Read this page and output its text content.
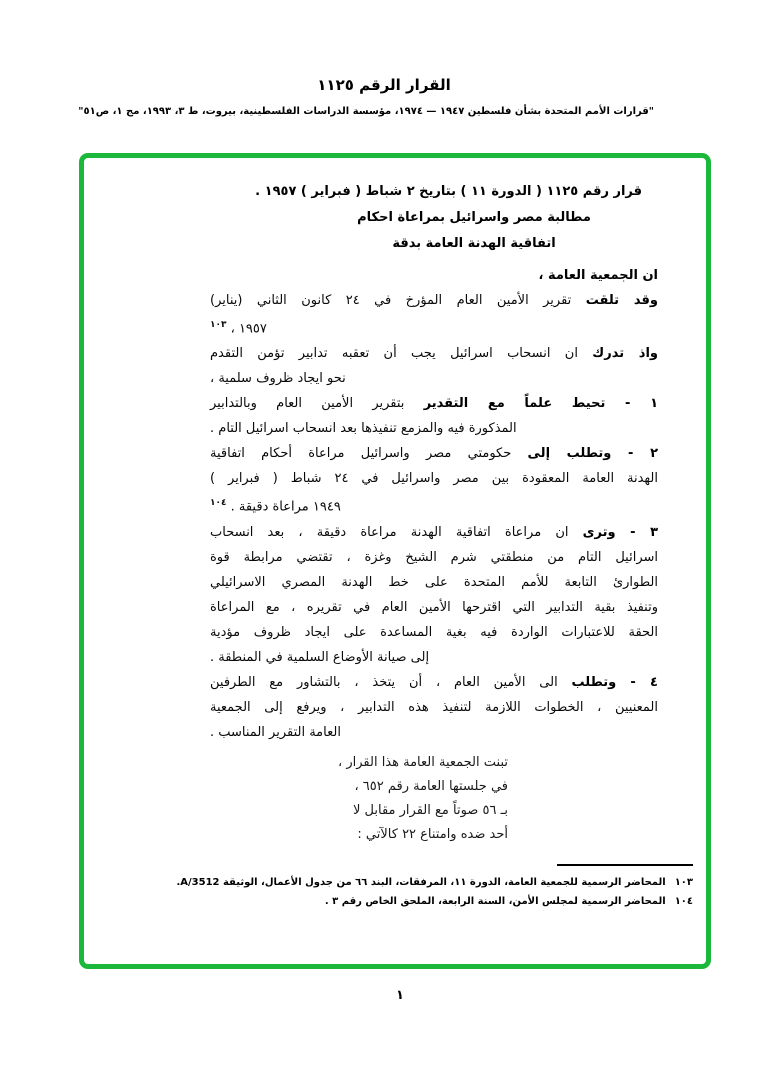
القرار الرقم ١١٢٥
"قرارات الأمم المتحدة بشأن فلسطين ١٩٤٧ — ١٩٧٤، مؤسسة الدراسات الفلسطينية، بيروت، ط ٣، ١٩٩٣، مج ١، ص٥١"
قرار رقم ١١٢٥ ( الدورة ١١ ) بتاريخ ٢ شباط ( فبراير ) ١٩٥٧ .
مطالبة مصر واسرائيل بمراعاة احكام
اتفاقية الهدنة العامة بدقة
ان الجمعية العامة ،
وقد تلقت تقرير الأمين العام المؤرخ في ٢٤ كانون الثاني (يناير)
١٩٥٧ ، $^{١٠٣}$
واذ تدرك ان انسحاب اسرائيل يجب أن تعقبه تدابير تؤمن التقدم
نحو ايجاد ظروف سلمية ،
١ - تحيط علماً مع التقدير بتقرير الأمين العام وبالتدابير
المذكورة فيه والمزمع تنفيذها بعد انسحاب اسرائيل التام .
٢ - وتطلب إلى حكومتي مصر واسرائيل مراعاة أحكام اتفاقية
الهدنة العامة المعقودة بين مصر واسرائيل في ٢٤ شباط ( فبراير )
١٩٤٩ مراعاة دقيقة . $^{١٠٤}$
٣ - وترى ان مراعاة اتفاقية الهدنة مراعاة دقيقة ، بعد انسحاب
اسرائيل التام من منطقتي شرم الشيخ وغزة ، تقتضي مرابطة قوة
الطوارئ التابعة للأمم المتحدة على خط الهدنة المصري الاسرائيلي
وتنفيذ بقية التدابير التي اقترحها الأمين العام في تقريره ، مع المراعاة
الحقة للاعتبارات الواردة فيه بغية المساعدة على ايجاد ظروف مؤدية
إلى صيانة الأوضاع السلمية في المنطقة .
٤ - وتطلب الى الأمين العام ، أن يتخذ ، بالتشاور مع الطرفين
المعنيين ، الخطوات اللازمة لتنفيذ هذه التدابير ، ويرفع إلى الجمعية
العامة التقرير المناسب .
تبنت الجمعية العامة هذا القرار ،
في جلستها العامة رقم ٦٥٢ ،
بـ ٥٦ صوتاً مع القرار مقابل لا
أحد ضده وامتناع ٢٢ كالآتي :
١٠٣المحاضر الرسمية للجمعية العامة، الدورة ١١، المرفقات، البند ٦٦ من جدول الأعمال، الوثيقة A/3512.
١٠٤المحاضر الرسمية لمجلس الأمن، السنة الرابعة، الملحق الخاص رقم ٣ .
١
